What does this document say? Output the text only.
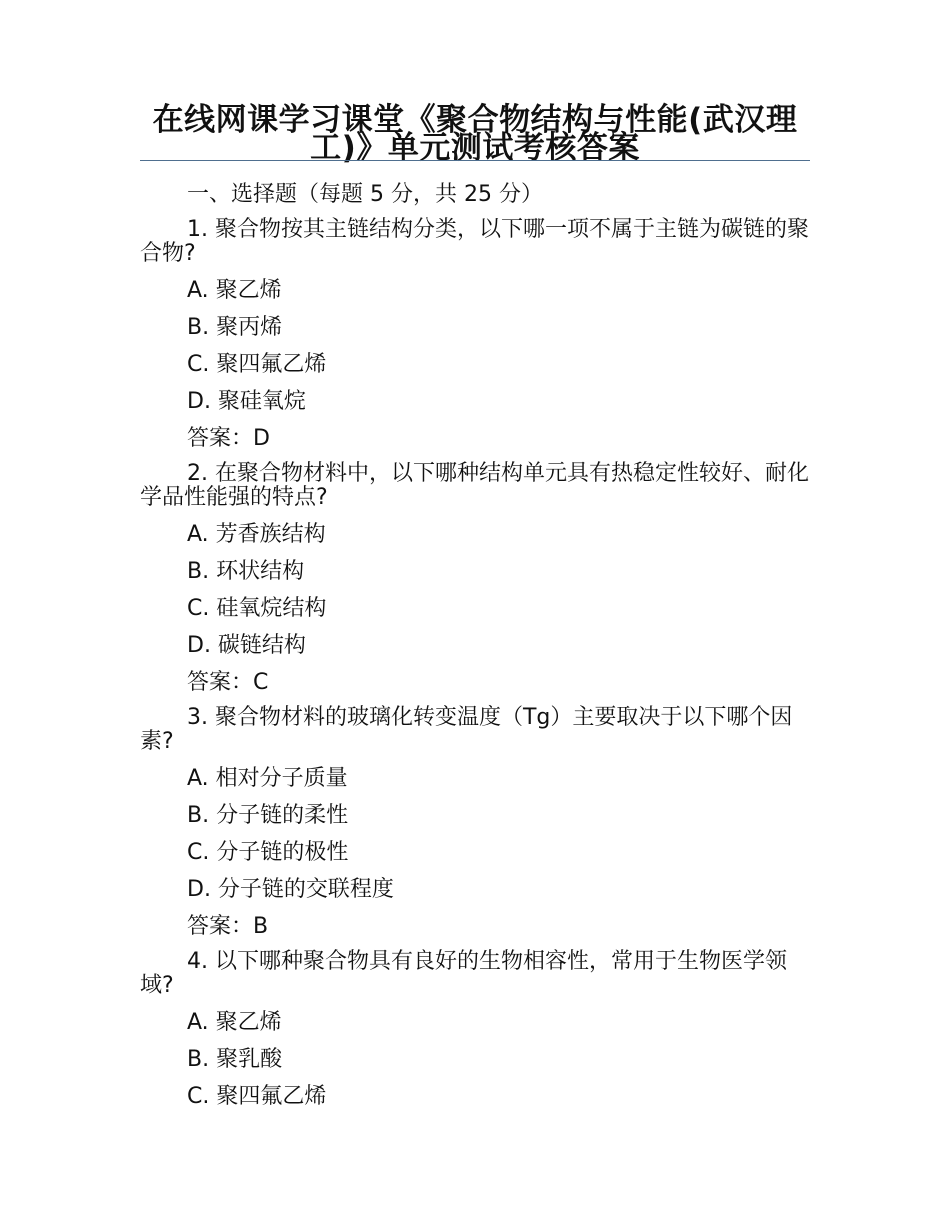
在线网课学习课堂《聚合物结构与性能(武汉理工)》单元测试考核答案
一、选择题（每题 5 分，共 25 分）

1. 聚合物按其主链结构分类，以下哪一项不属于主链为碳链的聚合物?

A. 聚乙烯
B. 聚丙烯
C. 聚四氟乙烯
D. 聚硅氧烷
答案：D

2. 在聚合物材料中，以下哪种结构单元具有热稳定性较好、耐化学品性能强的特点?

A. 芳香族结构
B. 环状结构
C. 硅氧烷结构
D. 碳链结构
答案：C

3. 聚合物材料的玻璃化转变温度（Tg）主要取决于以下哪个因素?

A. 相对分子质量
B. 分子链的柔性
C. 分子链的极性
D. 分子链的交联程度
答案：B

4. 以下哪种聚合物具有良好的生物相容性，常用于生物医学领域?

A. 聚乙烯
B. 聚乳酸
C. 聚四氟乙烯
